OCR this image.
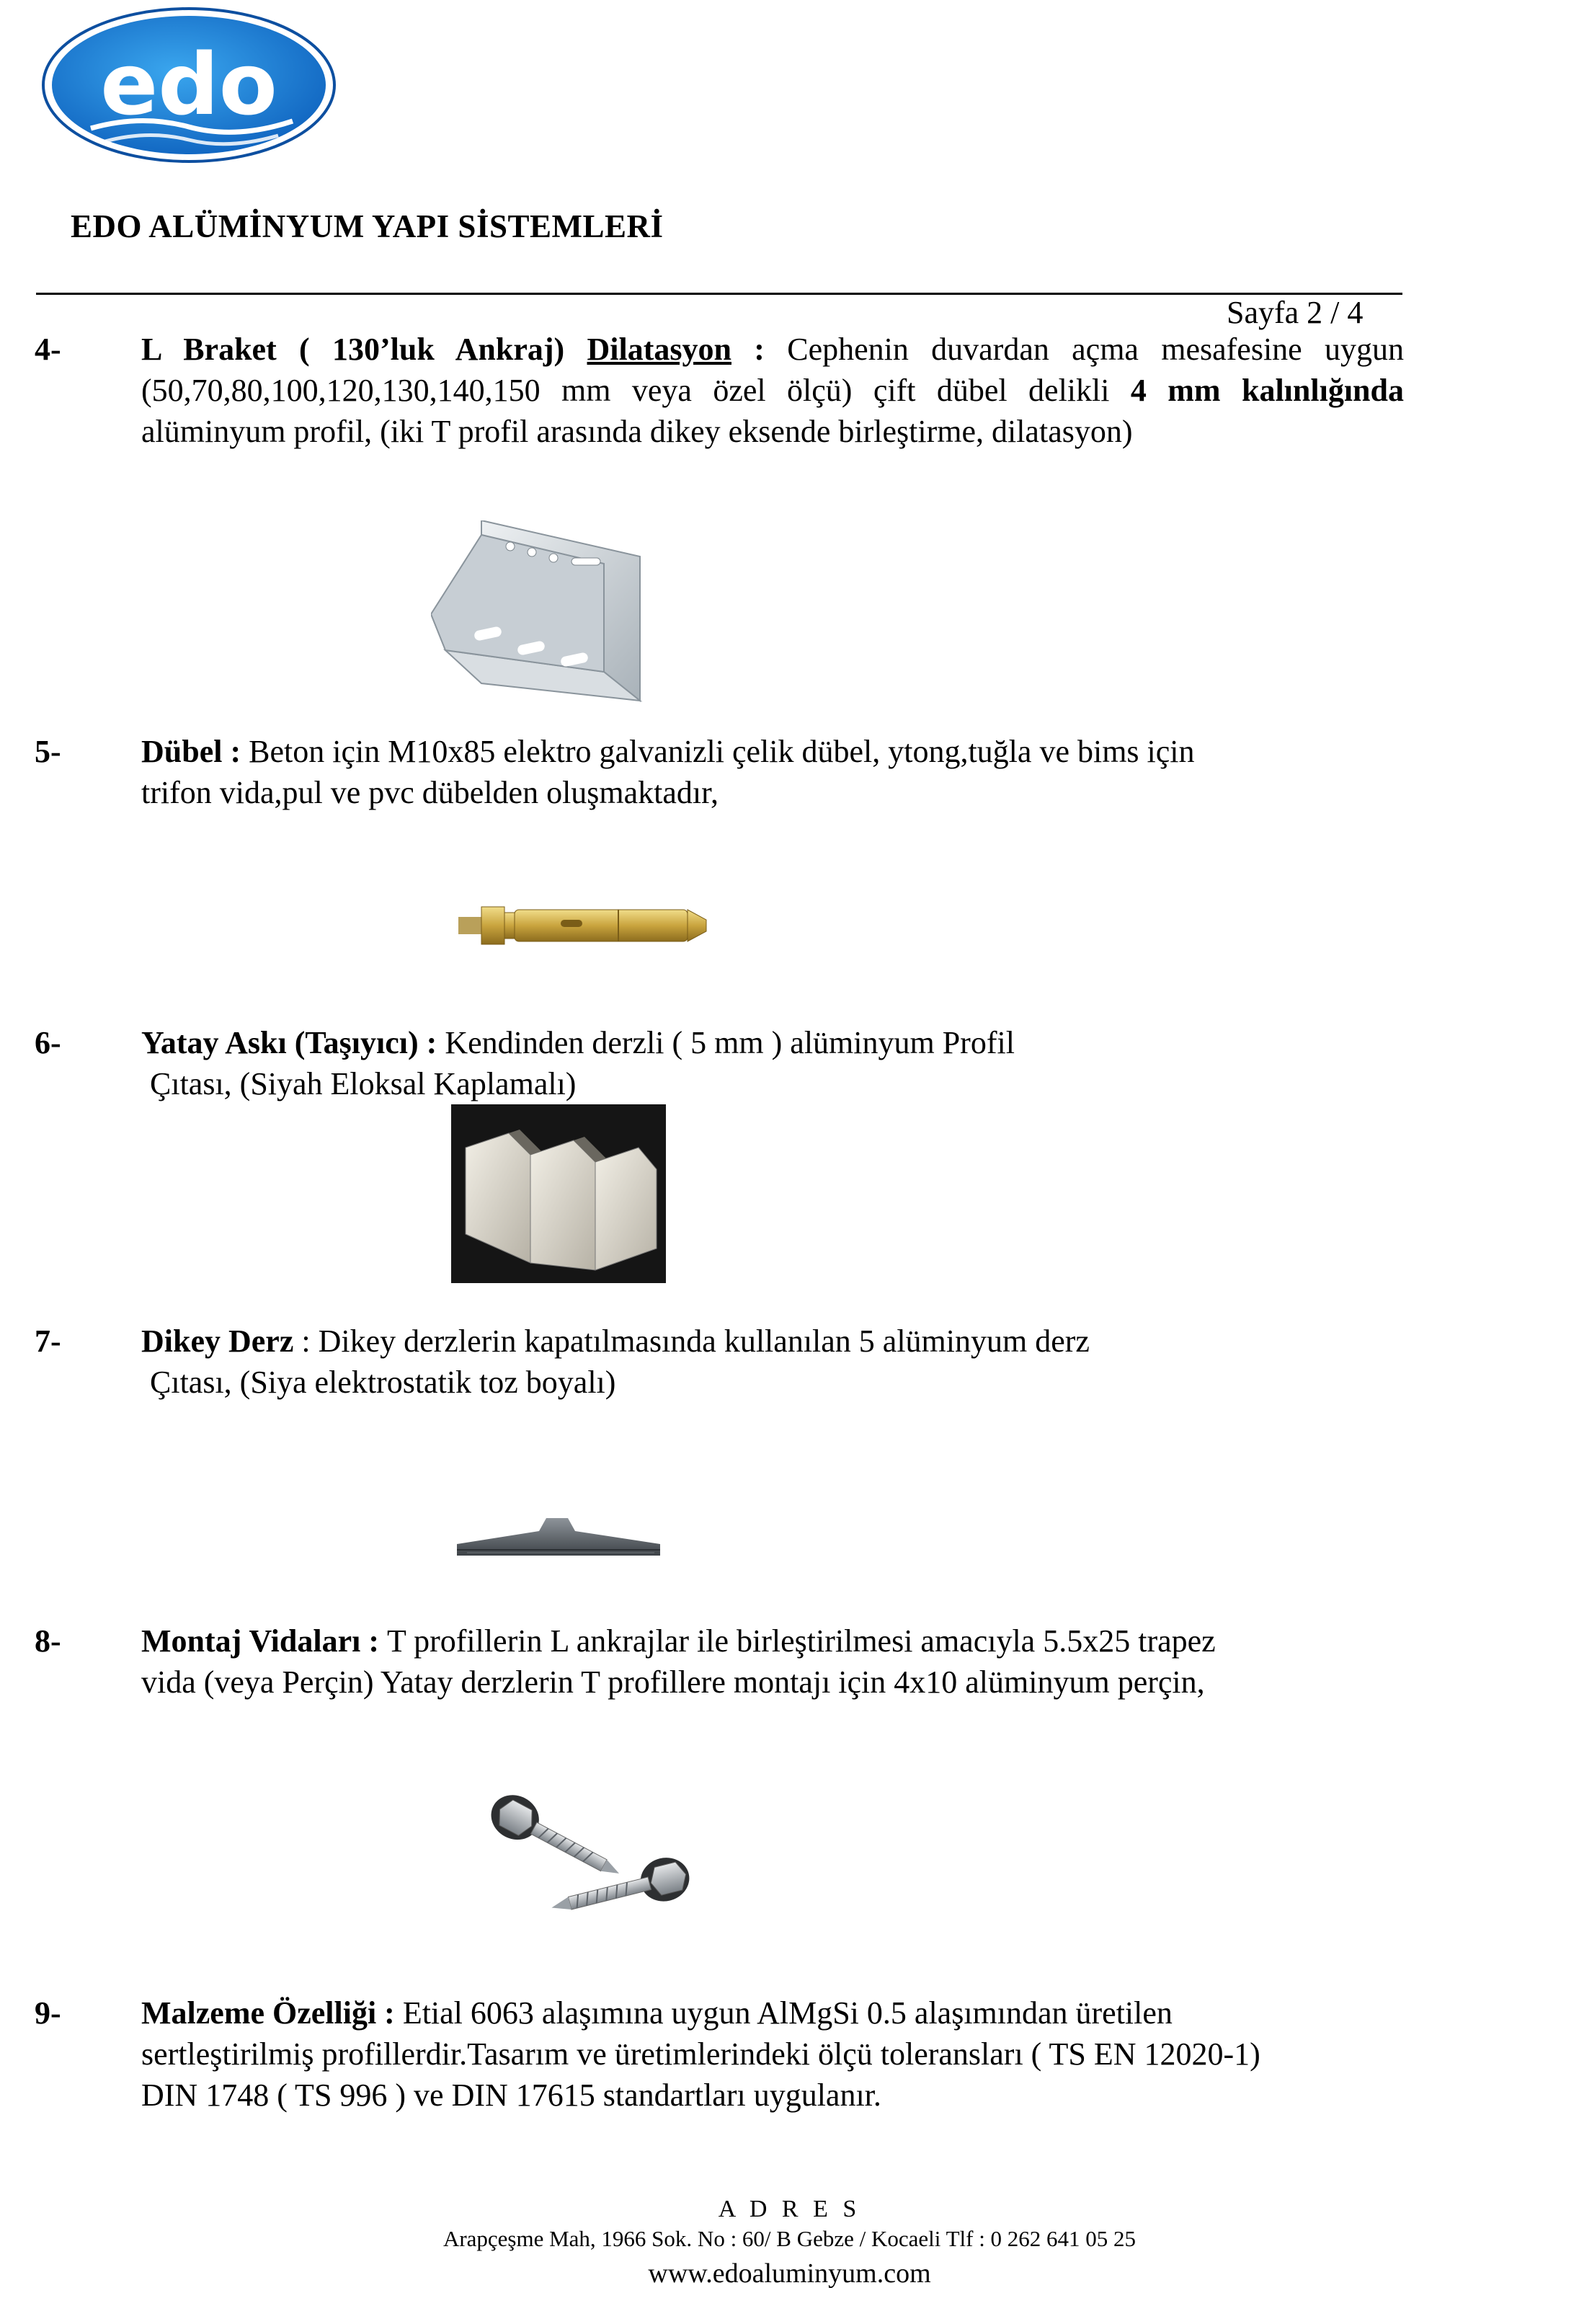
edo
EDO ALÜMİNYUM YAPI SİSTEMLERİ
Sayfa 2 / 4
4-	L Braket ( 130’luk Ankraj) Dilatasyon : Cephenin duvardan açma mesafesine uygun (50,70,80,100,120,130,140,150 mm veya özel ölçü) çift dübel delikli 4 mm kalınlığında alüminyum profil, (iki T profil arasında dikey eksende birleştirme, dilatasyon)
5-	Dübel : Beton için M10x85 elektro galvanizli çelik dübel, ytong,tuğla ve bims için
trifon vida,pul ve pvc dübelden oluşmaktadır,
6-	Yatay Askı (Taşıyıcı) : Kendinden derzli ( 5 mm ) alüminyum Profil
Çıtası, (Siyah Eloksal Kaplamalı)
7-	Dikey Derz : Dikey derzlerin kapatılmasında kullanılan 5 alüminyum derz
Çıtası, (Siya elektrostatik toz boyalı)
8-	Montaj Vidaları : T profillerin L ankrajlar ile birleştirilmesi amacıyla 5.5x25 trapez
vida (veya Perçin) Yatay derzlerin T profillere montajı için 4x10 alüminyum perçin,
9-	Malzeme Özelliği : Etial 6063 alaşımına uygun AlMgSi 0.5 alaşımından üretilen
sertleştirilmiş profillerdir.Tasarım ve üretimlerindeki ölçü toleransları ( TS EN 12020-1)
DIN 1748 ( TS 996 ) ve DIN 17615 standartları uygulanır.
A D R E S
Arapçeşme Mah, 1966 Sok. No : 60/ B Gebze / Kocaeli Tlf : 0 262 641 05 25
www.edoaluminyum.com
